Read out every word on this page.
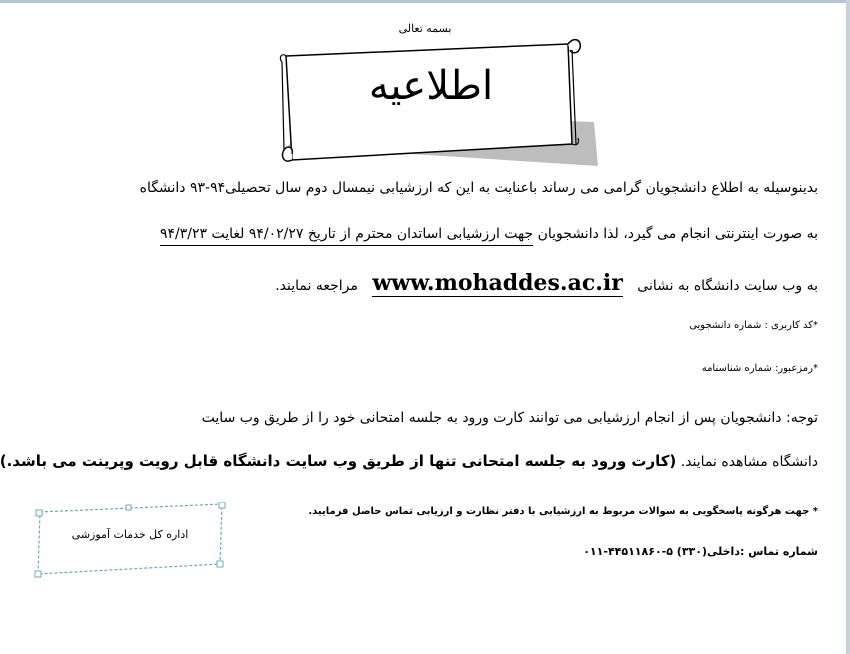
بسمه تعالی
اطلاعیه
بدینوسیله به اطلاع دانشجویان گرامی می رساند باعنایت به این که ارزشیابی نیمسال دوم سال تحصیلی۹۴-۹۳ دانشگاه
به صورت اینترنتی انجام می گیرد، لذا دانشجویان جهت ارزشیابی اساتدان محترم از تاریخ ۹۴/۰۲/۲۷ لغایت ۹۴/۳/۲۳
به وب سایت دانشگاه به نشانی www.mohaddes.ac.ir مراجعه نمایند.
*کد کاربری : شماره دانشجویی
*رمزعبور: شماره شناسنامه
توجه: دانشجویان پس از انجام ارزشیابی می توانند کارت ورود به جلسه امتحانی خود را از طریق وب سایت
دانشگاه مشاهده نمایند. (کارت ورود به جلسه امتحانی تنها از طریق وب سایت دانشگاه قابل رویت وپرینت می باشد.)
* جهت هرگونه پاسخگویی به سوالات مربوط به ارزشیابی با دفتر نظارت و ارزیابی تماس حاصل فرمایید.
شماره تماس :داخلی(۳۳۰) ۵-۴۴۵۱۱۸۶۰-۰۱۱
اداره کل خدمات آموزشی
